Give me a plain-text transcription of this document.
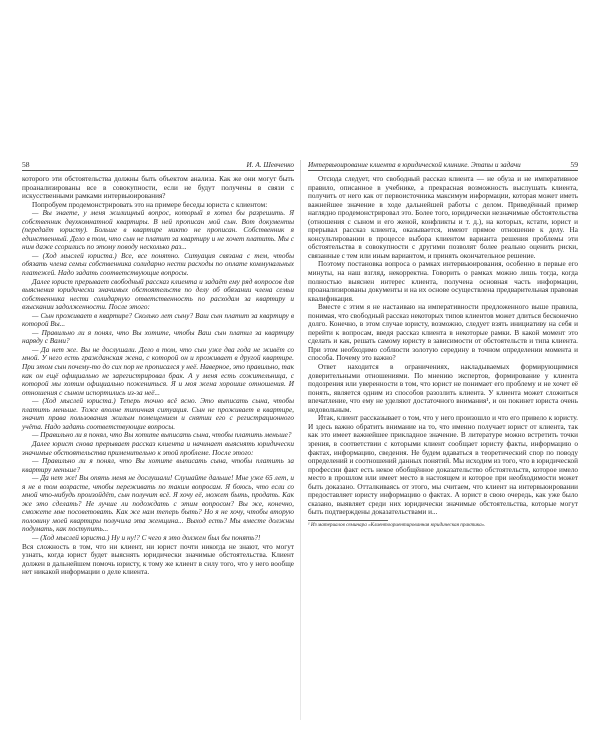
58	И. А. Шевченко

которого эти обстоятельства должны быть объектом анализа. Как же они могут быть проанализированы все в совокупности, если не будут получены в связи с искусственными рамками интервьюирования?

Попробуем продемонстрировать это на примере беседы юриста с клиентом:

— Вы знаете, у меня жилищный вопрос, который я хотел бы разрешить. Я собственник двухкомнатной квартиры. В ней прописан мой сын. Вот документы (передаёт юристу). Больше в квартире никто не прописан. Собственник я единственный. Дело в том, что сын не платит за квартиру и не хочет платить. Мы с ним даже ссорились по этому поводу несколько раз...

— (Ход мыслей юриста.) Все, все понятно. Ситуация связана с тем, чтобы обязать члена семьи собственника солидарно нести расходы по оплате коммунальных платежей. Надо задать соответствующие вопросы.

Далее юрист прерывает свободный рассказ клиента и задаёт ему ряд вопросов для выяснения юридически значимых обстоятельств по делу об обязании члена семьи собственника нести солидарную ответственность по расходам за квартиру и взыскании задолженности. После этого:

— Сын проживает в квартире? Сколько лет сыну? Ваш сын платит за квартиру в которой Вы...

— Правильно ли я понял, что Вы хотите, чтобы Ваш сын платил за квартиру наряду с Вами?

— Да нет же. Вы не дослушали. Дело в том, что сын уже два года не живёт со мной. У него есть гражданская жена, с которой он и проживает в другой квартире. При этом сын почему-то до сих пор не прописался у неё. Наверное, это правильно, так как он ещё официально не зарегистрировал брак. А у меня есть сожительница, с которой мы хотим официально пожениться. Я и моя жена хорошие отношения. И отношения с сыном испортились из-за неё...

— (Ход мыслей юриста.) Теперь точно всё ясно. Это выписать сына, чтобы платить меньше. Тоже вполне типичная ситуация. Сын не проживает в квартире, значит права пользования жилым помещением и снятии его с регистрационного учёта. Надо задать соответствующие вопросы.

— Правильно ли я понял, что Вы хотите выписать сына, чтобы платить меньше?

Далее юрист снова прерывает рассказ клиента и начинает выяснять юридически значимые обстоятельства применительно к этой проблеме. После этого:

— Правильно ли я понял, что Вы хотите выписать сына, чтобы платить за квартиру меньше?

— Да нет же! Вы опять меня не дослушали! Слушайте дальше! Мне уже 65 лет, и я не в том возрасте, чтобы переживать по таким вопросам. Я боюсь, что если со мной что-нибудь произойдёт, сын получит всё. Я хочу её, может быть, продать. Как же это сделать? Не лучше ли подождать с этим вопросом? Вы же, конечно, сможете мне посоветовать. Как же нам теперь быть? Но я не хочу, чтобы вторую половину моей квартиры получила эта женщина... Выход есть? Мы вместе должны подумать, как поступить...

— (Ход мыслей юриста.) Ну и ну!? С чего я это должен был бы понять?!

Вся сложность в том, что ни клиент, ни юрист почти никогда не знают, что могут узнать, когда юрист будет выяснять юридически значимые обстоятельства. Клиент должен в дальнейшем помочь юристу, к тому же клиент в силу того, что у него вообще нет никакой информации о деле клиента.

Интервьюирование клиента в юридической клинике. Этапы и задачи	59

Отсюда следует, что свободный рассказ клиента — не обуза и не императивное правило, описанное в учебнике, а прекрасная возможность выслушать клиента, получить от него как от первоисточника максимум информации, которая может иметь важнейшее значение в ходе дальнейшей работы с делом. Приведённый пример наглядно продемонстрировал это. Более того, юридически незначимые обстоятельства (отношения с сыном и его женой, конфликты и т. д.), на которых, кстати, юрист и прерывал рассказ клиента, оказывается, имеют прямое отношение к делу. На консультировании в процессе выбора клиентом варианта решения проблемы эти обстоятельства в совокупности с другими позволят более реально оценить риски, связанные с тем или иным вариантом, и принять окончательное решение.

Поэтому постановка вопроса о рамках интервьюирования, особенно в первые его минуты, на наш взгляд, некорректна. Говорить о рамках можно лишь тогда, когда полностью выяснен интерес клиента, получена основная часть информации, проанализированы документы и на их основе осуществлена предварительная правовая квалификация.

Вместе с этим я не настаиваю на императивности предложенного выше правила, понимая, что свободный рассказ некоторых типов клиентов может длиться бесконечно долго. Конечно, в этом случае юристу, возможно, следует взять инициативу на себя и перейти к вопросам, введя рассказ клиента в некоторые рамки. В какой момент это сделать и как, решать самому юристу в зависимости от обстоятельств и типа клиента. При этом необходимо соблюсти золотую середину в точном определении момента и способа. Почему это важно?

Ответ находится в ограничениях, накладываемых формирующимися доверительными отношениями. По мнению экспертов, формирование у клиента подозрения или уверенности в том, что юрист не понимает его проблему и не хочет её понять, является одним из способов разозлить клиента. У клиента может сложиться впечатление, что ему не уделяют достаточного внимания¹, и он покинет юриста очень недовольным.

Итак, клиент рассказывает о том, что у него произошло и что его привело к юристу. И здесь важно обратить внимание на то, что именно получает юрист от клиента, так как это имеет важнейшее прикладное значение. В литературе можно встретить точки зрения, в соответствии с которыми клиент сообщает юристу факты, информацию о фактах, информацию, сведения. Не будем вдаваться в теоретический спор по поводу определений и соотношений данных понятий. Мы исходим из того, что в юридической профессии факт есть некое обобщённое доказательство обстоятельств, которое имело место в прошлом или имеет место в настоящем и которое при необходимости может быть доказано. Отталкиваясь от этого, мы считаем, что клиент на интервьюировании предоставляет юристу информацию о фактах. А юрист в свою очередь, как уже было сказано, выявляет среди них юридически значимые обстоятельства, которые могут быть подтверждены доказательствами и...

¹ Из материалов семинара «Клиентоориентированная юридическая практика».
